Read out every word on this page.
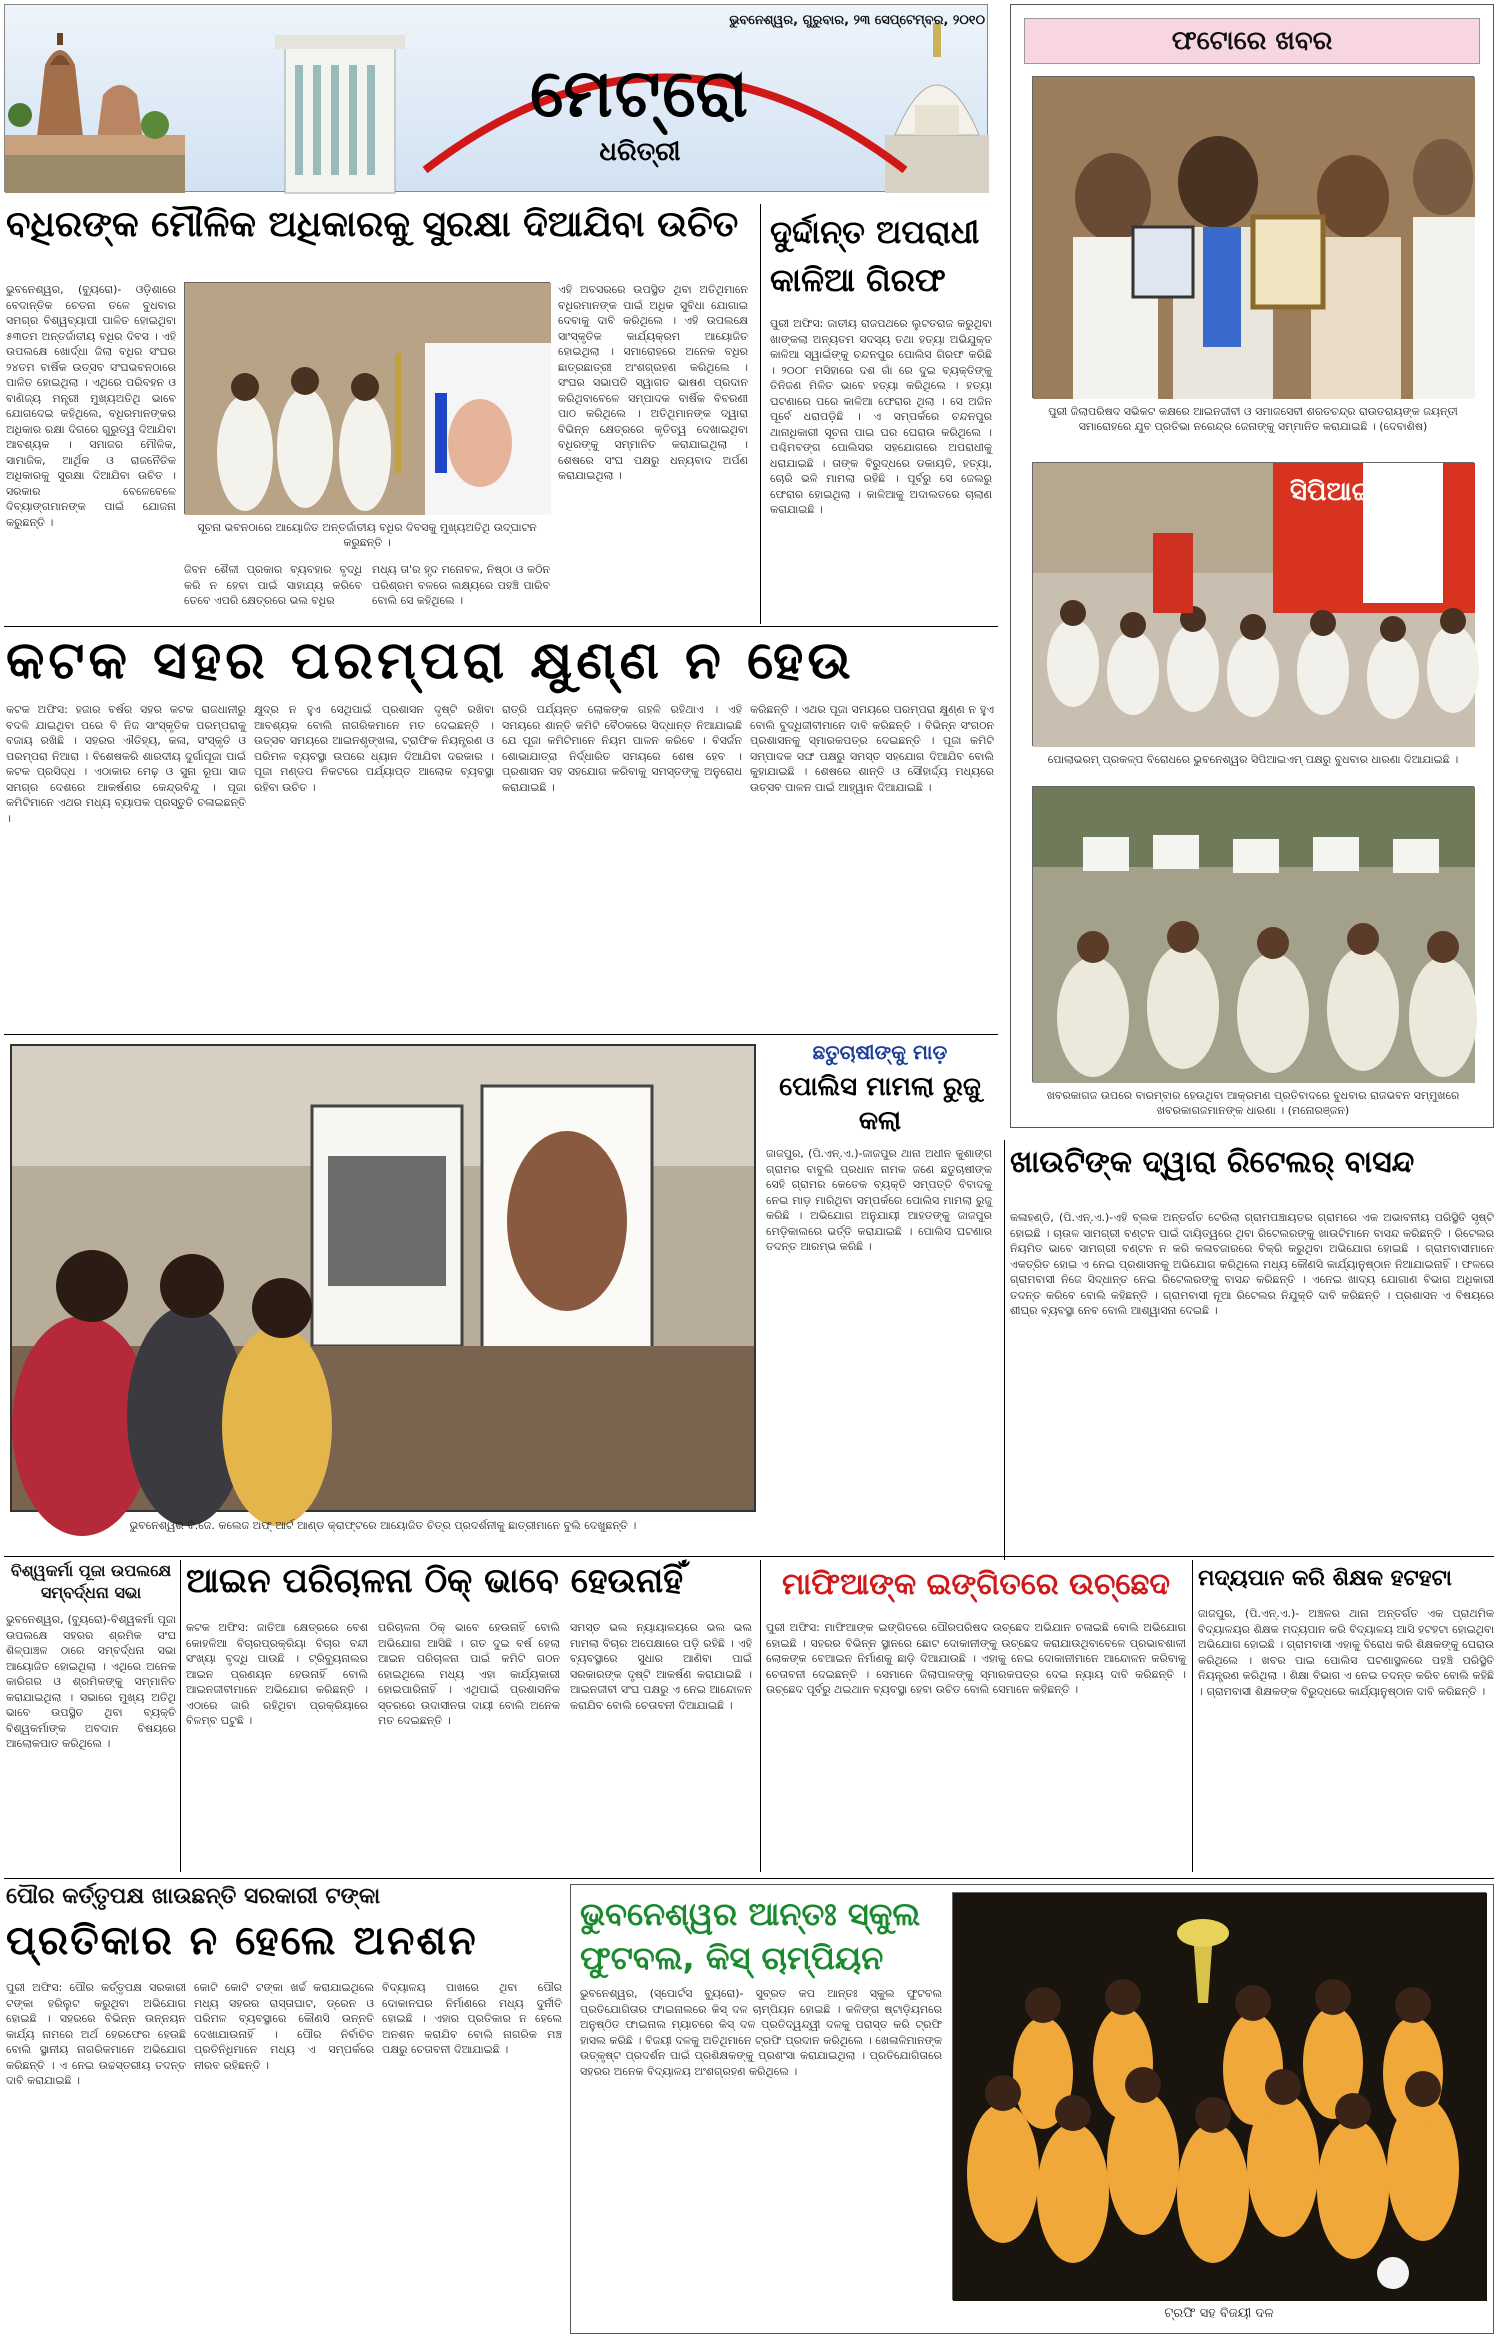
ଭୁବନେଶ୍ୱର, ଗୁରୁବାର, ୨୩ ସେପ୍ଟେମ୍ବର, ୨୦୧୦
ମେଟ୍ରୋ
ଧରିତ୍ରୀ
ଫଟୋରେ ଖବର
ପୁରୀ ଜିଲାପରିଷଦ ସଭିକଟ କକ୍ଷରେ ଆଇନଜୀବୀ ଓ ସମାଜସେବୀ ଶରତଚନ୍ଦ୍ର ରାଉତରାୟଙ୍କ ଜୟନ୍ତୀ ସମାରୋହରେ ଯୁବ ପ୍ରତିଭା ନରେନ୍ଦ୍ର ଜେନାଙ୍କୁ ସମ୍ମାନିତ କରାଯାଇଛି । (ଦେବାଶିଷ)
ସିପିଆଇ(ଏମ)
ପୋଲାଭରମ୍ ପ୍ରକଳ୍ପ ବିରୋଧରେ ଭୁବନେଶ୍ୱର ସିପିଆଇଏମ୍ ପକ୍ଷରୁ ବୁଧବାର ଧାରଣା ଦିଆଯାଇଛି ।
ଖବରକାଗଜ ଉପରେ ବାରମ୍ବାର ହେଉଥିବା ଆକ୍ରମଣ ପ୍ରତିବାଦରେ ବୁଧବାର ରାଜଭବନ ସମ୍ମୁଖରେ ଖବରକାଗଜମାନଙ୍କ ଧାରଣା । (ମନୋରଞ୍ଜନ)
ବଧିରଙ୍କ ମୌଳିକ ଅଧିକାରକୁ ସୁରକ୍ଷା ଦିଆଯିବା ଉଚିତ
ଭୁବନେଶ୍ୱର, (ବ୍ୟୁରୋ)- ଓଡ଼ିଶାରେ ବେଦାନ୍ତିକ ଚେତନା ତଳେ ବୁଧବାର ସମଗ୍ର ବିଶ୍ୱବ୍ୟାପୀ ପାଳିତ ହୋଇଥିବା ୫୩ତମ ଅନ୍ତର୍ଜାତୀୟ ବଧିର ଦିବସ । ଏହି ଉପଲକ୍ଷେ ଖୋର୍ଦ୍ଧା ଜିଲା ବଧିର ସଂଘର ୨୪ତମ ବାର୍ଷିକ ଉତ୍ସବ ସଂଘଭବନଠାରେ ପାଳିତ ହୋଇଥିଲା । ଏଥିରେ ପରିବହନ ଓ ବାଣିଜ୍ୟ ମନ୍ତ୍ରୀ ମୁଖ୍ୟଅତିଥି ଭାବେ ଯୋଗଦେଇ କହିଥିଲେ, ବଧିରମାନଙ୍କର ଅଧିକାର ରକ୍ଷା ଦିଗରେ ଗୁରୁତ୍ୱ ଦିଆଯିବା ଆବଶ୍ୟକ । ସମାଜର ମୌଳିକ, ସାମାଜିକ, ଆର୍ଥିକ ଓ ରାଜନୈତିକ ଅଧିକାରକୁ ସୁରକ୍ଷା ଦିଆଯିବା ଉଚିତ । ସରକାର ବେଳେବେଳେ ଦିବ୍ୟାଙ୍ଗମାନଙ୍କ ପାଇଁ ଯୋଜନା କରୁଛନ୍ତି ।	ସୂଚନା ଭବନଠାରେ ଆୟୋଜିତ ଅନ୍ତର୍ଜାତୀୟ ବଧିର ଦିବସକୁ ମୁଖ୍ୟଅତିଥି ଉଦ୍‌ଘାଟନ କରୁଛନ୍ତି ।
ଏହି ଅବସରରେ ଉପସ୍ଥିତ ଥିବା ଅତିଥିମାନେ ବଧିରମାନଙ୍କ ପାଇଁ ଅଧିକ ସୁବିଧା ଯୋଗାଇ ଦେବାକୁ ଦାବି କରିଥିଲେ । ଏହି ଉପଲକ୍ଷେ ସାଂସ୍କୃତିକ କାର୍ଯ୍ୟକ୍ରମ ଆୟୋଜିତ ହୋଇଥିଲା । ସମାରୋହରେ ଅନେକ ବଧିର ଛାତ୍ରଛାତ୍ରୀ ଅଂଶଗ୍ରହଣ କରିଥିଲେ । ସଂଘର ସଭାପତି ସ୍ୱାଗତ ଭାଷଣ ପ୍ରଦାନ କରିଥିବାବେଳେ ସମ୍ପାଦକ ବାର୍ଷିକ ବିବରଣୀ ପାଠ କରିଥିଲେ । ଅତିଥିମାନଙ୍କ ଦ୍ୱାରା ବିଭିନ୍ନ କ୍ଷେତ୍ରରେ କୃତିତ୍ୱ ଦେଖାଇଥିବା ବଧିରଙ୍କୁ ସମ୍ମାନିତ କରାଯାଇଥିଲା । ଶେଷରେ ସଂଘ ପକ୍ଷରୁ ଧନ୍ୟବାଦ ଅର୍ପଣ କରାଯାଇଥିଲା ।
ଜିବନ ଶୈଳୀ ପ୍ରକାର ବ୍ୟବହାର ବୃଦ୍ଧି କରି ନ ହେବା ପାଇଁ ସାହାଯ୍ୟ କରିବେ ତେବେ ଏପରି କ୍ଷେତ୍ରରେ ଭଲ ବଧିର
ମଧ୍ୟ ତା'ର ହୃଦ ମନୋବଳ, ନିଷ୍ଠା ଓ କଠିନ ପରିଶ୍ରମ ବଳରେ ଲକ୍ଷ୍ୟରେ ପହଞ୍ଚି ପାରିବ ବୋଲି ସେ କହିଥିଲେ ।
ଦୁର୍ଦ୍ଦାନ୍ତ ଅପରାଧୀ କାଳିଆ ଗିରଫ
ପୁରୀ ଅଫିସ: ଜାତୀୟ ରାଜପଥରେ ଲୁଟତରାଜ କରୁଥିବା ଖାଙ୍କଲା ଅନ୍ୟତମ ସଦସ୍ୟ ତଥା ହତ୍ୟା ଅଭିଯୁକ୍ତ କାଳିଆ ସ୍ୱାଇଁଙ୍କୁ ଚନ୍ଦନପୁର ପୋଲିସ ଗିରଫ କରିଛି । ୨୦୦୮ ମସିହାରେ ଦଶ ଗାଁ ରେ ଦୁଇ ବ୍ୟକ୍ତିଙ୍କୁ ତିନିଜଣ ମିଳିତ ଭାବେ ହତ୍ୟା କରିଥିଲେ । ହତ୍ୟା ଘଟଣାରେ ପରେ କାଳିଆ ଫେରାର ଥିଲା । ସେ ଅଜିନ ପୂର୍ବେ ଧରାପଡ଼ିଛି । ଏ ସମ୍ପର୍କରେ ଚନ୍ଦନପୁର ଥାନାଧିକାରୀ ସୂଚନା ପାଇ ଘର ଘେରାଉ କରିଥିଲେ । ପଶ୍ଚିମବଙ୍ଗ ପୋଲିସର ସହଯୋଗରେ ଅପରାଧୀକୁ ଧରାଯାଇଛି । ତାଙ୍କ ବିରୁଦ୍ଧରେ ଡକାୟତି, ହତ୍ୟା, ଚୋରି ଭଳି ମାମଲା ରହିଛି । ପୂର୍ବରୁ ସେ ଜେଲରୁ ଫେରାର ହୋଇଥିଲା । କାଳିଆକୁ ଅଦାଲତରେ ଚାଲାଣ କରାଯାଇଛି ।
କଟକ ସହର ପରମ୍ପରା କ୍ଷୁଣ୍ଣ ନ ହେଉ
କଟକ ଅଫିସ: ହଜାର ବର୍ଷର ସହର କଟକ ରାଜଧାନୀରୁ ବଦଳି ଯାଇଥିବା ପରେ ବି ନିଜ ସାଂସ୍କୃତିକ ପରମ୍ପରାକୁ ବଜାୟ ରଖିଛି । ସହରର ଐତିହ୍ୟ, କଳା, ସଂସ୍କୃତି ଓ ପରମ୍ପରା ନିଆରା । ବିଶେଷକରି ଶାରଦୀୟ ଦୁର୍ଗାପୂଜା ପାଇଁ କଟକ ପ୍ରସିଦ୍ଧ । ଏଠାକାର ମେଢ଼ ଓ ସୁନା ରୂପା ସାଜ ସମଗ୍ର ଦେଶରେ ଆକର୍ଷଣର କେନ୍ଦ୍ରବିନ୍ଦୁ । ପୂଜା କମିଟିମାନେ ଏଥର ମଧ୍ୟ ବ୍ୟାପକ ପ୍ରସ୍ତୁତି ଚଳାଇଛନ୍ତି ।
କ୍ଷୁଦ୍ର ନ ହୁଏ ସେଥିପାଇଁ ପ୍ରଶାସନ ଦୃଷ୍ଟି ରଖିବା ଆବଶ୍ୟକ ବୋଲି ନାଗରିକମାନେ ମତ ଦେଇଛନ୍ତି । ଉତ୍ସବ ସମୟରେ ଆଇନଶୃଙ୍ଖଳା, ଟ୍ରାଫିକ ନିୟନ୍ତ୍ରଣ ଓ ପରିମଳ ବ୍ୟବସ୍ଥା ଉପରେ ଧ୍ୟାନ ଦିଆଯିବା ଦରକାର । ପୂଜା ମଣ୍ଡପ ନିକଟରେ ପର୍ଯ୍ୟାପ୍ତ ଆଲୋକ ବ୍ୟବସ୍ଥା ରହିବା ଉଚିତ ।
ରାତ୍ରି ପର୍ଯ୍ୟନ୍ତ ଲୋକଙ୍କ ଗହଳି ରହିଥାଏ । ଏହି ସମୟରେ ଶାନ୍ତି କମିଟି ବୈଠକରେ ସିଦ୍ଧାନ୍ତ ନିଆଯାଇଛି ଯେ ପୂଜା କମିଟିମାନେ ନିୟମ ପାଳନ କରିବେ । ବିସର୍ଜନ ଶୋଭାଯାତ୍ରା ନିର୍ଦ୍ଧାରିତ ସମୟରେ ଶେଷ ହେବ । ପ୍ରଶାସନ ସହ ସହଯୋଗ କରିବାକୁ ସମସ୍ତଙ୍କୁ ଅନୁରୋଧ କରାଯାଇଛି ।
କରିଛନ୍ତି । ଏଥର ପୂଜା ସମୟରେ ପରମ୍ପରା କ୍ଷୁଣ୍ଣ ନ ହୁଏ ବୋଲି ବୁଦ୍ଧିଜୀବୀମାନେ ଦାବି କରିଛନ୍ତି । ବିଭିନ୍ନ ସଂଗଠନ ପ୍ରଶାସନକୁ ସ୍ମାରକପତ୍ର ଦେଇଛନ୍ତି । ପୂଜା କମିଟି ସମ୍ପାଦକ ସଙ୍ଘ ପକ୍ଷରୁ ସମସ୍ତ ସହଯୋଗ ଦିଆଯିବ ବୋଲି କୁହାଯାଇଛି । ଶେଷରେ ଶାନ୍ତି ଓ ସୌହାର୍ଦ୍ଦ୍ୟ ମଧ୍ୟରେ ଉତ୍ସବ ପାଳନ ପାଇଁ ଆହ୍ୱାନ ଦିଆଯାଇଛି ।
ଭୁବନେଶ୍ୱର ବି.ଜେ. କଲେଜ ଅଫ୍ ଆର୍ଟ ଆଣ୍ଡ କ୍ରାଫ୍ଟରେ ଆୟୋଜିତ ଚିତ୍ର ପ୍ରଦର୍ଶନୀକୁ ଛାତ୍ରୀମାନେ ବୁଲି ଦେଖୁଛନ୍ତି ।
ଛତୁଚାଷୀଙ୍କୁ ମାଡ଼
ପୋଲିସ ମାମଲା ରୁଜୁ କଲା
ଜାଜପୁର, (ପି.ଏନ୍.ଏ.)-ଜାଜପୁର ଥାନା ଅଧୀନ କୁଶାଙ୍ଗ ଗ୍ରାମର ବାବୁଲି ପ୍ରଧାନ ନାମକ ଜଣେ ଛତୁଚାଷୀଙ୍କ ସେହି ଗ୍ରାମର କେତେକ ବ୍ୟକ୍ତି ସମ୍ପତ୍ତି ବିବାଦକୁ ନେଇ ମାଡ଼ ମାରିଥିବା ସମ୍ପର୍କରେ ପୋଲିସ ମାମଲା ରୁଜୁ କରିଛି । ଅଭିଯୋଗ ଅନୁଯାୟୀ ଆହତଙ୍କୁ ଜାଜପୁର ମେଡ଼ିକାଲରେ ଭର୍ତ୍ତି କରାଯାଇଛି । ପୋଲିସ ଘଟଣାର ତଦନ୍ତ ଆରମ୍ଭ କରିଛି ।
ଖାଉଟିଙ୍କ ଦ୍ୱାରା ରିଟେଲର୍ ବାସନ୍ଦ
କଳାହଣ୍ଡି, (ପି.ଏନ୍.ଏ.)-ଏହି ବ୍ଲକ ଅନ୍ତର୍ଗତ ଟେରିଲା ଗ୍ରାମପଞ୍ଚାୟତର ଗ୍ରାମରେ ଏକ ଅଭାବନୀୟ ପରିସ୍ଥିତି ସୃଷ୍ଟି ହୋଇଛି । ଚାଉଳ ସାମଗ୍ରୀ ବଣ୍ଟନ ପାଇଁ ଦାୟିତ୍ୱରେ ଥିବା ରିଟେଲରଙ୍କୁ ଖାଉଟିମାନେ ବାସନ୍ଦ କରିଛନ୍ତି । ରିଟେଲର ନିୟମିତ ଭାବେ ସାମଗ୍ରୀ ବଣ୍ଟନ ନ କରି କଳାବଜାରରେ ବିକ୍ରି କରୁଥିବା ଅଭିଯୋଗ ହୋଇଛି । ଗ୍ରାମବାସୀମାନେ ଏକତ୍ରିତ ହୋଇ ଏ ନେଇ ପ୍ରଶାସନକୁ ଅଭିଯୋଗ କରିଥିଲେ ମଧ୍ୟ କୌଣସି କାର୍ଯ୍ୟାନୁଷ୍ଠାନ ନିଆଯାଇନାହିଁ । ଫଳରେ ଗ୍ରାମବାସୀ ନିଜେ ସିଦ୍ଧାନ୍ତ ନେଇ ରିଟେଲରଙ୍କୁ ବାସନ୍ଦ କରିଛନ୍ତି । ଏନେଇ ଖାଦ୍ୟ ଯୋଗାଣ ବିଭାଗ ଅଧିକାରୀ ତଦନ୍ତ କରିବେ ବୋଲି କହିଛନ୍ତି । ଗ୍ରାମବାସୀ ନୂଆ ରିଟେଲର ନିଯୁକ୍ତି ଦାବି କରିଛନ୍ତି । ପ୍ରଶାସନ ଏ ବିଷୟରେ ଶୀଘ୍ର ବ୍ୟବସ୍ଥା ନେବ ବୋଲି ଆଶ୍ୱାସନା ଦେଇଛି ।
ବିଶ୍ୱକର୍ମା ପୂଜା ଉପଲକ୍ଷେ ସମ୍ବର୍ଦ୍ଧନା ସଭା
ଭୁବନେଶ୍ୱର, (ବ୍ୟୁରୋ)-ବିଶ୍ୱକର୍ମା ପୂଜା ଉପଲକ୍ଷେ ସହରର ଶ୍ରମିକ ସଂଘ ଶିଳ୍ପାଞ୍ଚଳ ଠାରେ ସମ୍ବର୍ଦ୍ଧନା ସଭା ଆୟୋଜିତ ହୋଇଥିଲା । ଏଥିରେ ଅନେକ କାରିଗର ଓ ଶ୍ରମିକଙ୍କୁ ସମ୍ମାନିତ କରାଯାଇଥିଲା । ସଭାରେ ମୁଖ୍ୟ ଅତିଥି ଭାବେ ଉପସ୍ଥିତ ଥିବା ବ୍ୟକ୍ତି ବିଶ୍ୱକର୍ମାଙ୍କ ଅବଦାନ ବିଷୟରେ ଆଲୋକପାତ କରିଥିଲେ ।
ଆଇନ ପରିଚାଳନା ଠିକ୍ ଭାବେ ହେଉନାହିଁ
କଟକ ଅଫିସ: ଜାତିଆ କ୍ଷେତ୍ରରେ ବେଶ କୋହଳିଆ ବିଚାରପ୍ରକ୍ରିୟା ବିଚାର ବନ୍ଦୀ ସଂଖ୍ୟା ବୃଦ୍ଧି ପାଉଛି । ଟ୍ରିବ୍ୟୁନାଲର ଆଇନ ପ୍ରଣୟନ ହେଉନାହିଁ ବୋଲି ଆଇନଜୀବୀମାନେ ଅଭିଯୋଗ କରିଛନ୍ତି । ଏଠାରେ ଜାରି ରହିଥିବା ପ୍ରକ୍ରିୟାରେ ବିଳମ୍ବ ଘଟୁଛି ।
ପରିଚାଳନା ଠିକ୍ ଭାବେ ହେଉନାହିଁ ବୋଲି ଅଭିଯୋଗ ଆସିଛି । ଗତ ଦୁଇ ବର୍ଷ ହେଲା ଆଇନ ପରିଚାଳନା ପାଇଁ କମିଟି ଗଠନ ହୋଇଥିଲେ ମଧ୍ୟ ଏହା କାର୍ଯ୍ୟକାରୀ ହୋଇପାରିନାହିଁ । ଏଥିପାଇଁ ପ୍ରଶାସନିକ ସ୍ତରରେ ଉଦାସୀନତା ଦାୟୀ ବୋଲି ଅନେକ ମତ ଦେଇଛନ୍ତି ।
ସମସ୍ତ ଭଲ ନ୍ୟାୟାଳୟରେ ଭଲ ଭଲ ମାମଲା ବିଚାର ଅପେକ୍ଷାରେ ପଡ଼ି ରହିଛି । ଏହି ବ୍ୟବସ୍ଥାରେ ସୁଧାର ଆଣିବା ପାଇଁ ସରକାରଙ୍କ ଦୃଷ୍ଟି ଆକର୍ଷଣ କରାଯାଇଛି । ଆଇନଜୀବୀ ସଂଘ ପକ୍ଷରୁ ଏ ନେଇ ଆନ୍ଦୋଳନ କରାଯିବ ବୋଲି ଚେତାବନୀ ଦିଆଯାଇଛି ।
ମାଫିଆଙ୍କ ଇଙ୍ଗିତରେ ଉଚ୍ଛେଦ
ପୁରୀ ଅଫିସ: ମାଫିଆଙ୍କ ଇଙ୍ଗିତରେ ପୌରପରିଷଦ ଉଚ୍ଛେଦ ଅଭିଯାନ ଚଳାଇଛି ବୋଲି ଅଭିଯୋଗ ହୋଇଛି । ସହରର ବିଭିନ୍ନ ସ୍ଥାନରେ ଛୋଟ ଦୋକାନୀଙ୍କୁ ଉଚ୍ଛେଦ କରାଯାଉଥିବାବେଳେ ପ୍ରଭାବଶାଳୀ ଲୋକଙ୍କ ବେଆଇନ ନିର୍ମାଣକୁ ଛାଡ଼ି ଦିଆଯାଉଛି । ଏହାକୁ ନେଇ ଦୋକାନୀମାନେ ଆନ୍ଦୋଳନ କରିବାକୁ ଚେତାବନୀ ଦେଇଛନ୍ତି । ସେମାନେ ଜିଲାପାଳଙ୍କୁ ସ୍ମାରକପତ୍ର ଦେଇ ନ୍ୟାୟ ଦାବି କରିଛନ୍ତି । ଉଚ୍ଛେଦ ପୂର୍ବରୁ ଥଇଥାନ ବ୍ୟବସ୍ଥା ହେବା ଉଚିତ ବୋଲି ସେମାନେ କହିଛନ୍ତି ।
ମଦ୍ୟପାନ କରି ଶିକ୍ଷକ ହଟହଟା
ଜାଜପୁର, (ପି.ଏନ୍.ଏ.)- ଅଞ୍ଚଳର ଥାନା ଅନ୍ତର୍ଗତ ଏକ ପ୍ରାଥମିକ ବିଦ୍ୟାଳୟର ଶିକ୍ଷକ ମଦ୍ୟପାନ କରି ବିଦ୍ୟାଳୟ ଆସି ହଟହଟା ହୋଇଥିବା ଅଭିଯୋଗ ହୋଇଛି । ଗ୍ରାମବାସୀ ଏହାକୁ ବିରୋଧ କରି ଶିକ୍ଷକଙ୍କୁ ଘେରାଉ କରିଥିଲେ । ଖବର ପାଇ ପୋଲିସ ଘଟଣାସ୍ଥଳରେ ପହଞ୍ଚି ପରିସ୍ଥିତି ନିୟନ୍ତ୍ରଣ କରିଥିଲା । ଶିକ୍ଷା ବିଭାଗ ଏ ନେଇ ତଦନ୍ତ କରିବ ବୋଲି କହିଛି । ଗ୍ରାମବାସୀ ଶିକ୍ଷକଙ୍କ ବିରୁଦ୍ଧରେ କାର୍ଯ୍ୟାନୁଷ୍ଠାନ ଦାବି କରିଛନ୍ତି ।
ପୌର କର୍ତ୍ତୃପକ୍ଷ ଖାଉଛନ୍ତି ସରକାରୀ ଟଙ୍କା
ପ୍ରତିକାର ନ ହେଲେ ଅନଶନ
ପୁରୀ ଅଫିସ: ପୌର କର୍ତ୍ତୃପକ୍ଷ ସରକାରୀ ଟଙ୍କା ହରିଲୁଟ କରୁଥିବା ଅଭିଯୋଗ ହୋଇଛି । ସହରରେ ବିଭିନ୍ନ ଉନ୍ନୟନ କାର୍ଯ୍ୟ ନାମରେ ଅର୍ଥ ହେରଫେର ହେଉଛି ବୋଲି ସ୍ଥାନୀୟ ନାଗରିକମାନେ ଅଭିଯୋଗ କରିଛନ୍ତି । ଏ ନେଇ ଉଚ୍ଚସ୍ତରୀୟ ତଦନ୍ତ ଦାବି କରାଯାଇଛି ।
କୋଟି କୋଟି ଟଙ୍କା ଖର୍ଚ୍ଚ କରାଯାଇଥିଲେ ମଧ୍ୟ ସହରର ରାସ୍ତାଘାଟ, ଡ୍ରେନ ଓ ପରିମଳ ବ୍ୟବସ୍ଥାରେ କୌଣସି ଉନ୍ନତି ଦେଖାଯାଉନାହିଁ । ପୌର ନିର୍ବାଚିତ ପ୍ରତିନିଧିମାନେ ମଧ୍ୟ ଏ ସମ୍ପର୍କରେ ନୀରବ ରହିଛନ୍ତି ।
ବିଦ୍ୟାଳୟ ପାଖରେ ଥିବା ପୌର ଦୋକାନଘର ନିର୍ମାଣରେ ମଧ୍ୟ ଦୁର୍ନୀତି ହୋଇଛି । ଏହାର ପ୍ରତିକାର ନ ହେଲେ ଅନଶନ କରାଯିବ ବୋଲି ନାଗରିକ ମଞ୍ଚ ପକ୍ଷରୁ ଚେତାବନୀ ଦିଆଯାଇଛି ।
ଭୁବନେଶ୍ୱର ଆନ୍ତଃ ସ୍କୁଲ ଫୁଟବଲ, କିସ୍ ଚାମ୍ପିୟନ
ଭୁବନେଶ୍ୱର, (ସ୍ପୋର୍ଟସ ବ୍ୟୁରୋ)- ସୁବ୍ରତ କପ ଆନ୍ତଃ ସ୍କୁଲ ଫୁଟବଲ ପ୍ରତିଯୋଗିତାର ଫାଇନାଲରେ କିସ୍ ଦଳ ଚାମ୍ପିୟନ ହୋଇଛି । କଳିଙ୍ଗ ଷ୍ଟାଡ଼ିୟମରେ ଅନୁଷ୍ଠିତ ଫାଇନାଲ ମ୍ୟାଚରେ କିସ୍ ଦଳ ପ୍ରତିଦ୍ୱନ୍ଦ୍ୱୀ ଦଳକୁ ପରାସ୍ତ କରି ଟ୍ରଫି ହାସଲ କରିଛି । ବିଜୟୀ ଦଳକୁ ଅତିଥିମାନେ ଟ୍ରଫି ପ୍ରଦାନ କରିଥିଲେ । ଖେଳାଳିମାନଙ୍କ ଉତ୍କୃଷ୍ଟ ପ୍ରଦର୍ଶନ ପାଇଁ ପ୍ରଶିକ୍ଷକଙ୍କୁ ପ୍ରଶଂସା କରାଯାଇଥିଲା । ପ୍ରତିଯୋଗିତାରେ ସହରର ଅନେକ ବିଦ୍ୟାଳୟ ଅଂଶଗ୍ରହଣ କରିଥିଲେ ।
ଟ୍ରଫି ସହ ବିଜୟୀ ଦଳ
